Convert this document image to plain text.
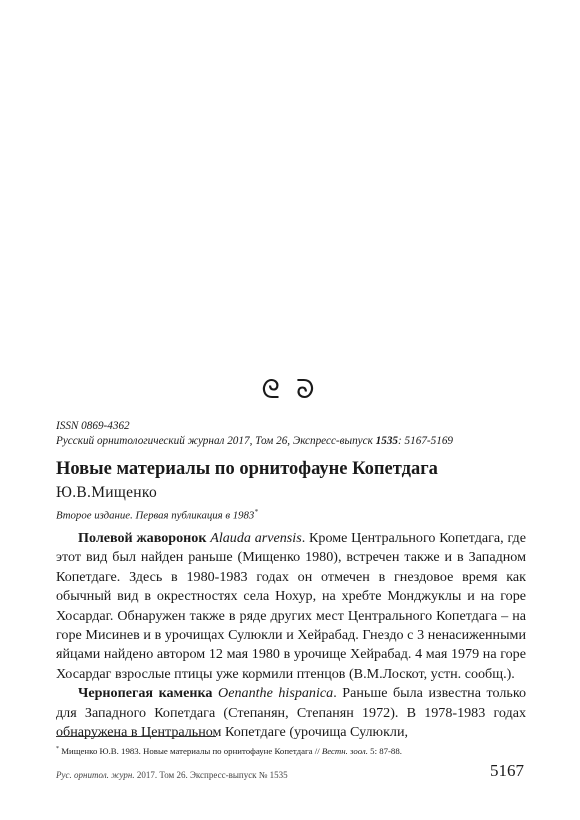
ᘓ ᘐ
ISSN 0869-4362
Русский орнитологический журнал 2017, Том 26, Экспресс-выпуск 1535: 5167-5169
Новые материалы по орнитофауне Копетдага
Ю.В.Мищенко
Второе издание. Первая публикация в 1983*

Полевой жаворонок Alauda arvensis. Кроме Центрального Копетдага, где этот вид был найден раньше (Мищенко 1980), встречен также и в Западном Копетдаге. Здесь в 1980-1983 годах он отмечен в гнездовое время как обычный вид в окрестностях села Нохур, на хребте Монджуклы и на горе Хосардаг. Обнаружен также в ряде других мест Центрального Копетдага – на горе Мисинев и в урочищах Сулюкли и Хейрабад. Гнездо с 3 ненасиженными яйцами найдено автором 12 мая 1980 в урочище Хейрабад. 4 мая 1979 на горе Хосардаг взрослые птицы уже кормили птенцов (В.М.Лоскот, устн. сообщ.).

Чернопегая каменка Oenanthe hispanica. Раньше была известна только для Западного Копетдага (Степанян, Степанян 1972). В 1978-1983 годах обнаружена в Центральном Копетдаге (урочища Сулюкли,

* Мищенко Ю.В. 1983. Новые материалы по орнитофауне Копетдага // Вестн. зоол. 5: 87-88.
Рус. орнитол. журн. 2017. Том 26. Экспресс-выпуск № 1535	5167
